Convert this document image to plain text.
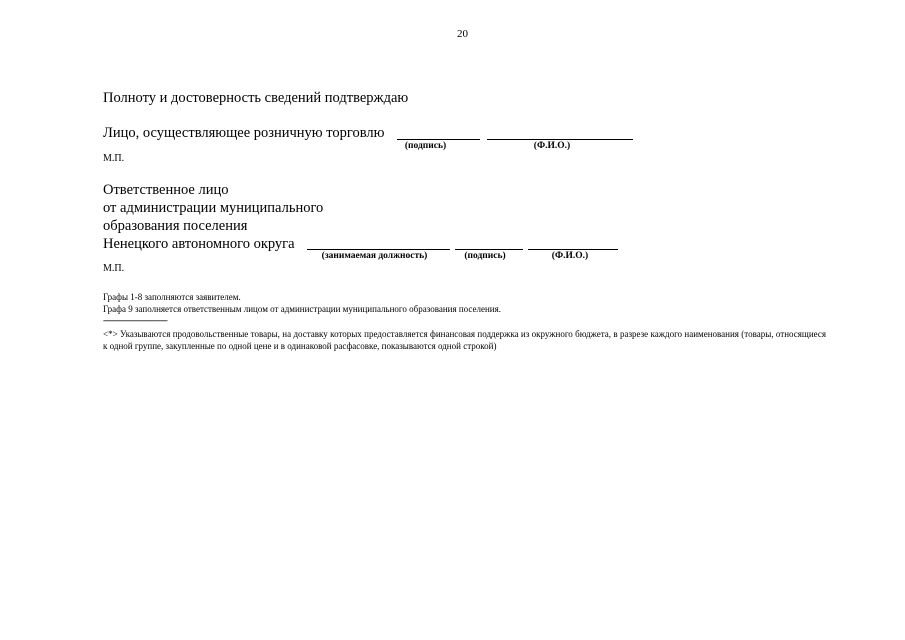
20
Полноту и достоверность сведений подтверждаю
Лицо, осуществляющее розничную торговлю
(подпись)	(Ф.И.О.)
М.П.
Ответственное лицо
от администрации муниципального
образования поселения
Ненецкого автономного округа
(занимаемая должность)	(подпись)	(Ф.И.О.)
М.П.
Графы 1-8 заполняются заявителем.
Графа 9 заполняется ответственным лицом от администрации муниципального образования поселения.
--------------------------------
<*> Указываются продовольственные товары, на доставку которых предоставляется финансовая поддержка из окружного бюджета, в разрезе каждого наименования (товары, относящиеся к одной группе, закупленные по одной цене и в одинаковой расфасовке, показываются одной строкой)
